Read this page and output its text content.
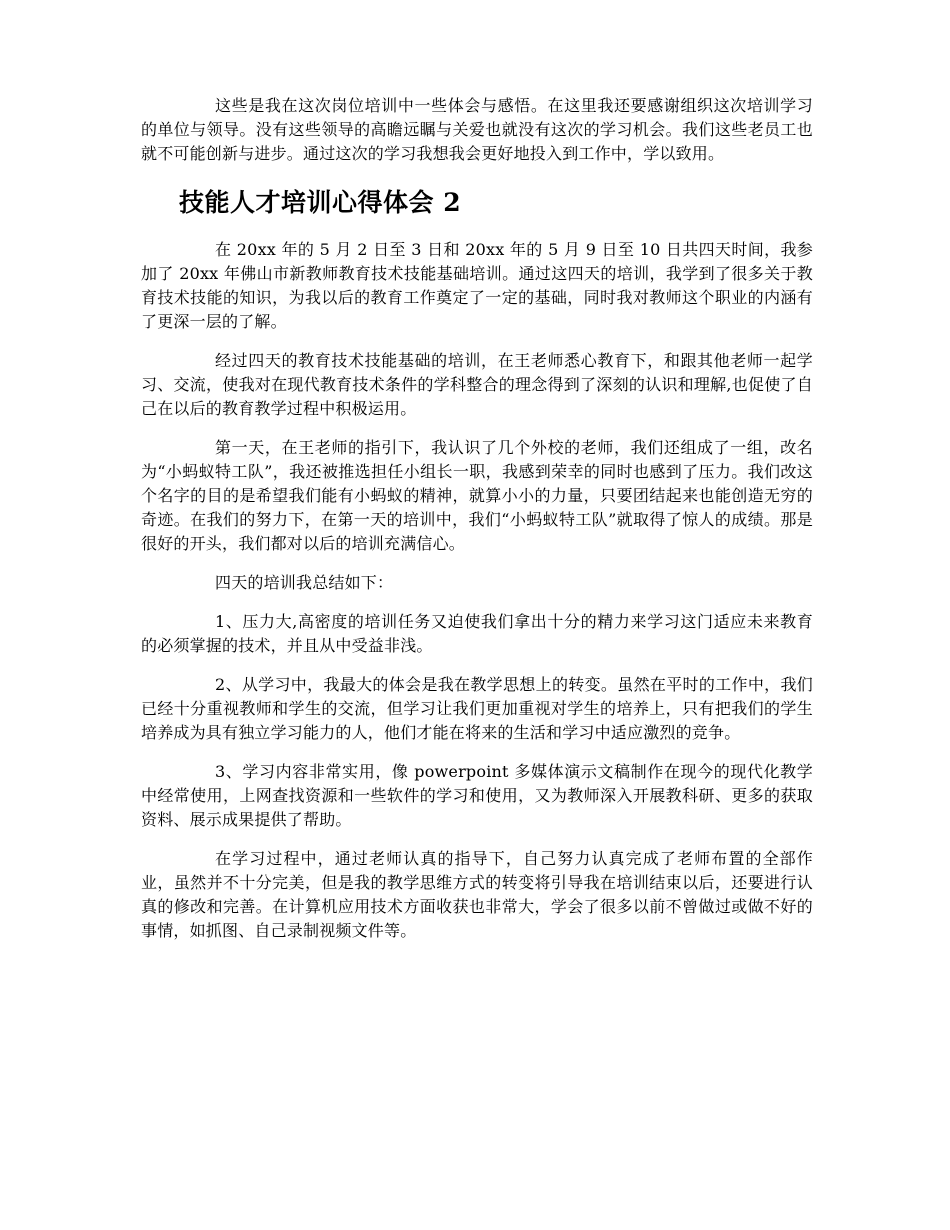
这些是我在这次岗位培训中一些体会与感悟。在这里我还要感谢组织这次培训学习的单位与领导。没有这些领导的高瞻远瞩与关爱也就没有这次的学习机会。我们这些老员工也就不可能创新与进步。通过这次的学习我想我会更好地投入到工作中，学以致用。

技能人才培训心得体会 2

在 20xx 年的 5 月 2 日至 3 日和 20xx 年的 5 月 9 日至 10 日共四天时间，我参加了 20xx 年佛山市新教师教育技术技能基础培训。通过这四天的培训，我学到了很多关于教育技术技能的知识，为我以后的教育工作奠定了一定的基础，同时我对教师这个职业的内涵有了更深一层的了解。

经过四天的教育技术技能基础的培训，在王老师悉心教育下，和跟其他老师一起学习、交流，使我对在现代教育技术条件的学科整合的理念得到了深刻的认识和理解,也促使了自己在以后的教育教学过程中积极运用。

第一天，在王老师的指引下，我认识了几个外校的老师，我们还组成了一组，改名为“小蚂蚁特工队”，我还被推选担任小组长一职，我感到荣幸的同时也感到了压力。我们改这个名字的目的是希望我们能有小蚂蚁的精神，就算小小的力量，只要团结起来也能创造无穷的奇迹。在我们的努力下，在第一天的培训中，我们“小蚂蚁特工队”就取得了惊人的成绩。那是很好的开头，我们都对以后的培训充满信心。

四天的培训我总结如下：

1、压力大,高密度的培训任务又迫使我们拿出十分的精力来学习这门适应未来教育的必须掌握的技术，并且从中受益非浅。

2、从学习中，我最大的体会是我在教学思想上的转变。虽然在平时的工作中，我们已经十分重视教师和学生的交流，但学习让我们更加重视对学生的培养上，只有把我们的学生培养成为具有独立学习能力的人，他们才能在将来的生活和学习中适应激烈的竞争。

3、学习内容非常实用，像 powerpoint 多媒体演示文稿制作在现今的现代化教学中经常使用，上网查找资源和一些软件的学习和使用，又为教师深入开展教科研、更多的获取资料、展示成果提供了帮助。

在学习过程中，通过老师认真的指导下，自己努力认真完成了老师布置的全部作业，虽然并不十分完美，但是我的教学思维方式的转变将引导我在培训结束以后，还要进行认真的修改和完善。在计算机应用技术方面收获也非常大，学会了很多以前不曾做过或做不好的事情，如抓图、自己录制视频文件等。
